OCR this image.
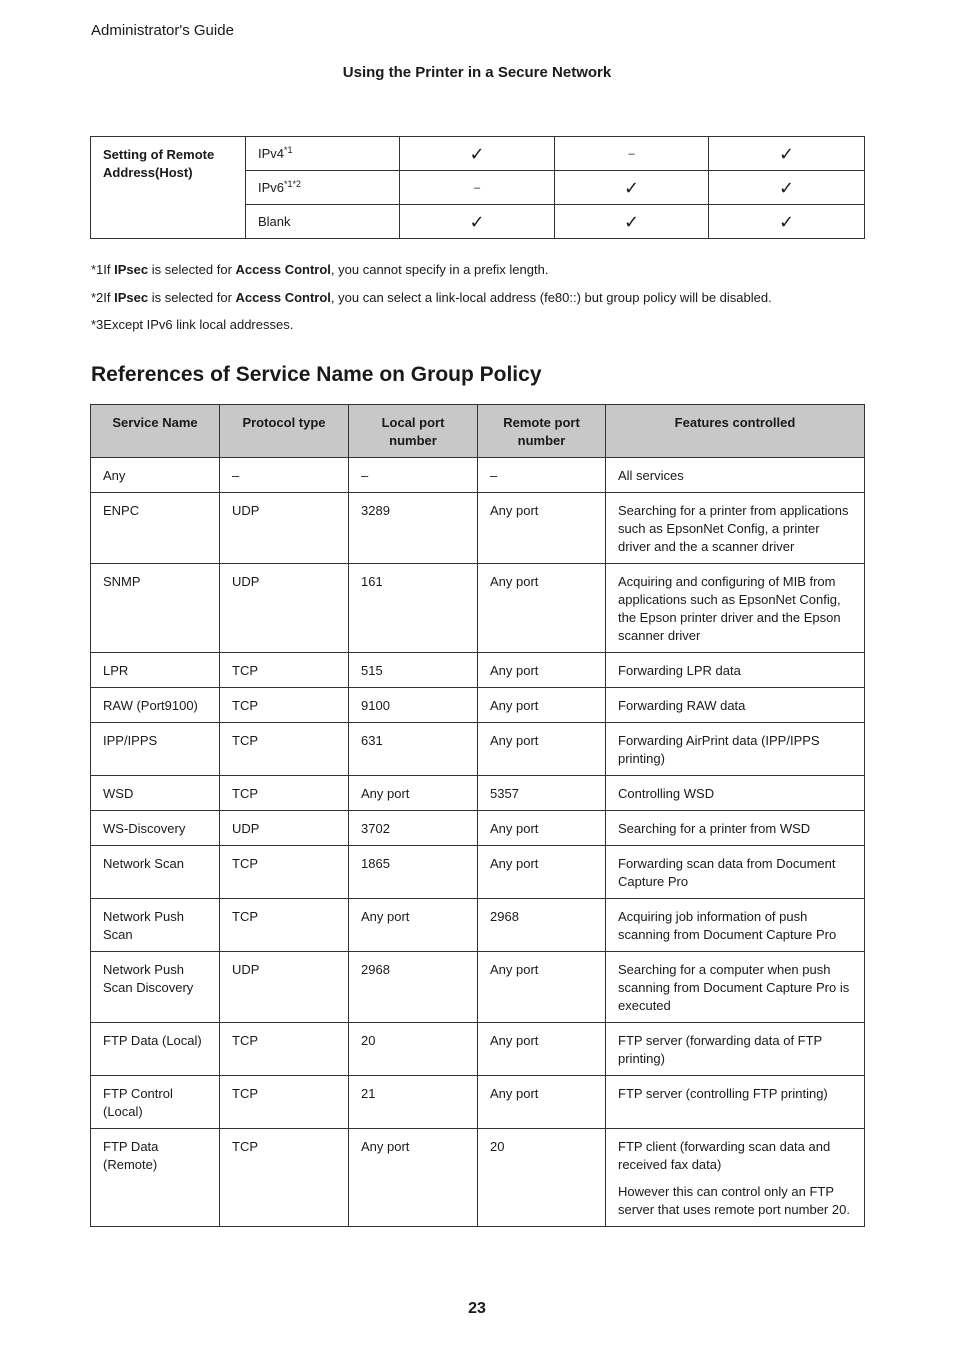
Administrator's Guide
Using the Printer in a Secure Network
Setting of Remote Address(Host)	IPv4$^{*1}$	✓	–	✓
	$IPv6^{*1*2}$	–	✓	✓
	Blank	✓	✓	✓
*1If IPsec is selected for Access Control, you cannot specify in a prefix length.
*2If IPsec is selected for Access Control, you can select a link-local address (fe80::) but group policy will be disabled.
*3Except IPv6 link local addresses.
References of Service Name on Group Policy
Service Name	Protocol type	Local port number	Remote port number	Features controlled
Any	–	–	–	All services

ENPC	UDP	3289	Any port	Searching for a printer from applications such as EpsonNet Config, a printer driver and the a scanner driver

SNMP	UDP	161	Any port	Acquiring and configuring of MIB from applications such as EpsonNet Config, the Epson printer driver and the Epson scanner driver

LPR	TCP	515	Any port	Forwarding LPR data

RAW (Port9100)	TCP	9100	Any port	Forwarding RAW data

IPP/IPPS	TCP	631	Any port	Forwarding AirPrint data (IPP/IPPS printing)

WSD	TCP	Any port	5357	Controlling WSD

WS-Discovery	UDP	3702	Any port	Searching for a printer from WSD

Network Scan	TCP	1865	Any port	Forwarding scan data from Document Capture Pro

Network Push Scan	TCP	Any port	2968	Acquiring job information of push scanning from Document Capture Pro

Network Push Scan Discovery	UDP	2968	Any port	Searching for a computer when push scanning from Document Capture Pro is executed

FTP Data (Local)	TCP	20	Any port	FTP server (forwarding data of FTP printing)

FTP Control (Local)	TCP	21	Any port	FTP server (controlling FTP printing)

FTP Data (Remote)	TCP	Any port	20	FTP client (forwarding scan data and received fax data)
However this can control only an FTP server that uses remote port number 20.
23
